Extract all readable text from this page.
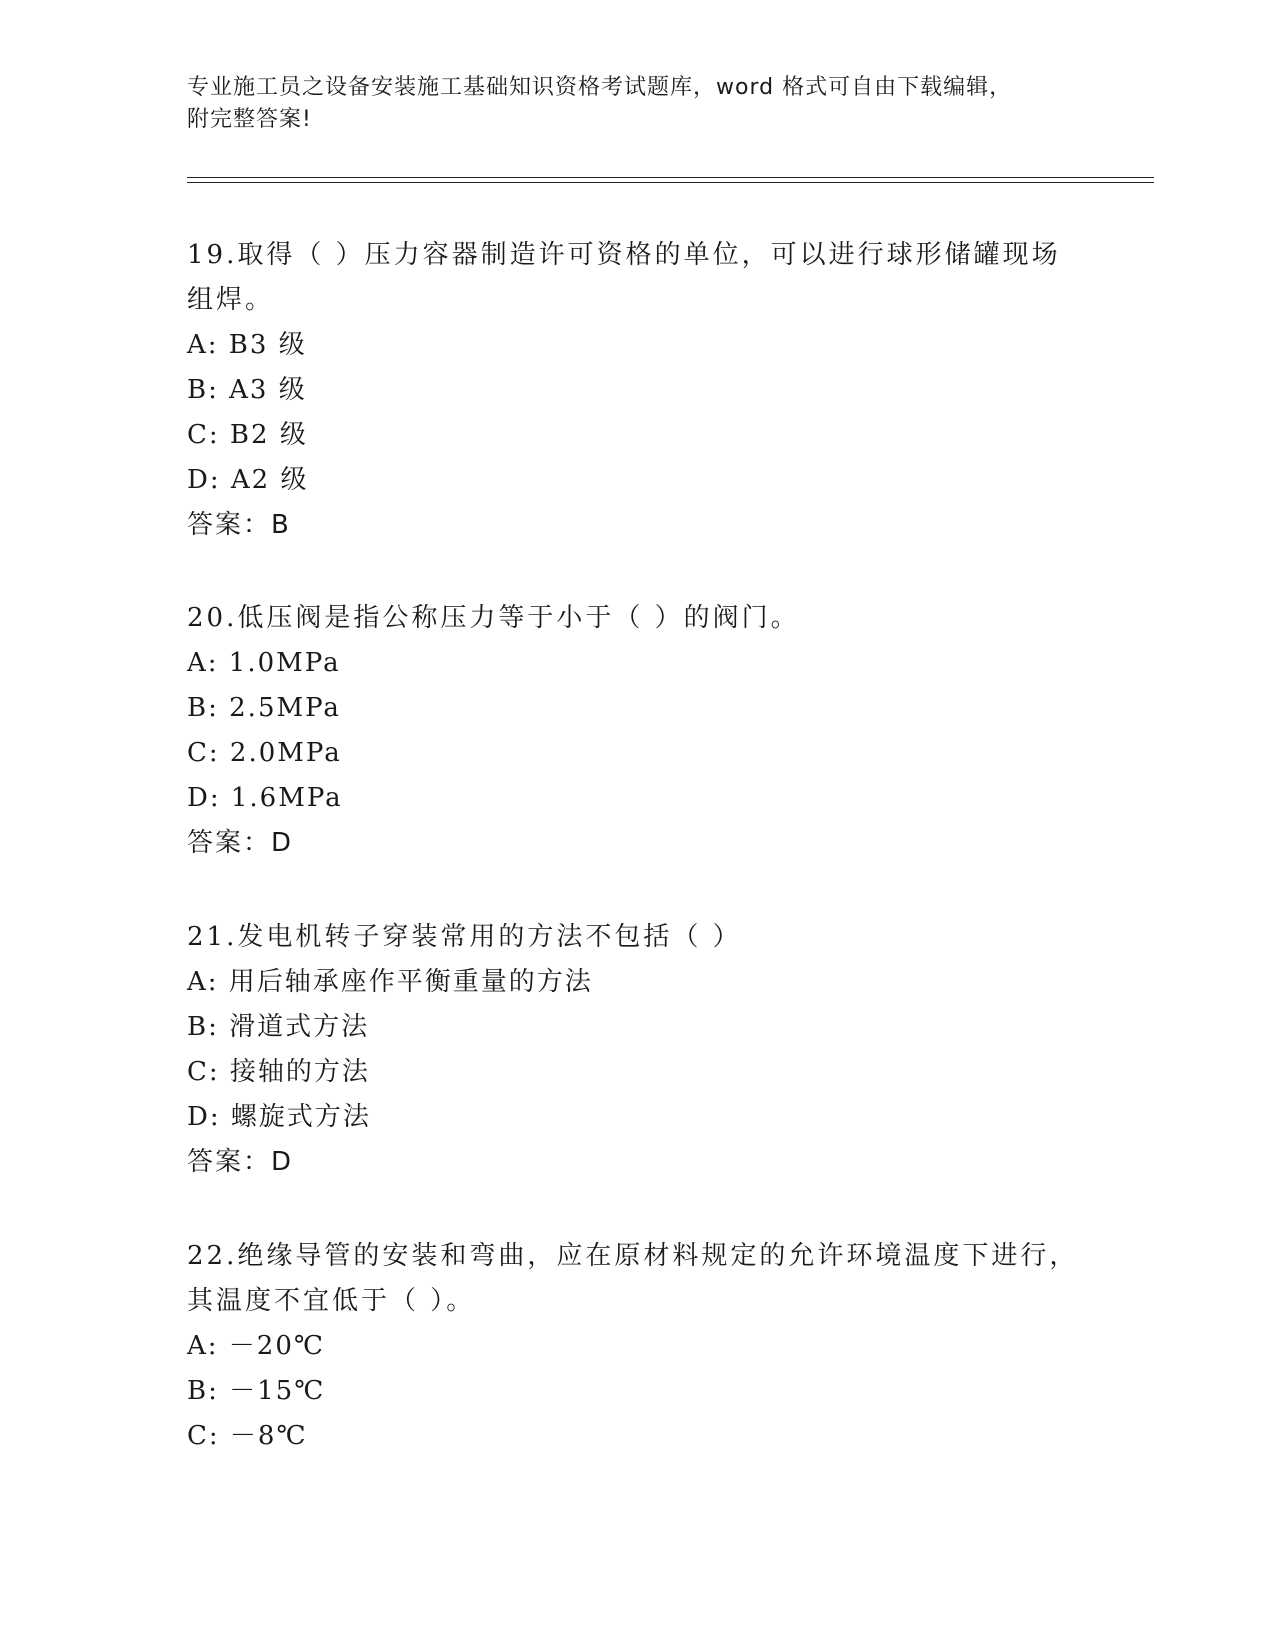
专业施工员之设备安装施工基础知识资格考试题库，word 格式可自由下载编辑，
附完整答案!

19.取得（ ）压力容器制造许可资格的单位，可以进行球形储罐现场

组焊。

A: B3 级

B: A3 级

C: B2 级

D: A2 级

答案：B

20.低压阀是指公称压力等于小于（ ）的阀门。

A: 1.0MPa

B: 2.5MPa

C: 2.0MPa

D: 1.6MPa

答案：D

21.发电机转子穿装常用的方法不包括（ ）

A: 用后轴承座作平衡重量的方法

B: 滑道式方法

C: 接轴的方法

D: 螺旋式方法

答案：D

22.绝缘导管的安装和弯曲，应在原材料规定的允许环境温度下进行，

其温度不宜低于（ ）。

A: －20℃

B: －15℃

C: －8℃
